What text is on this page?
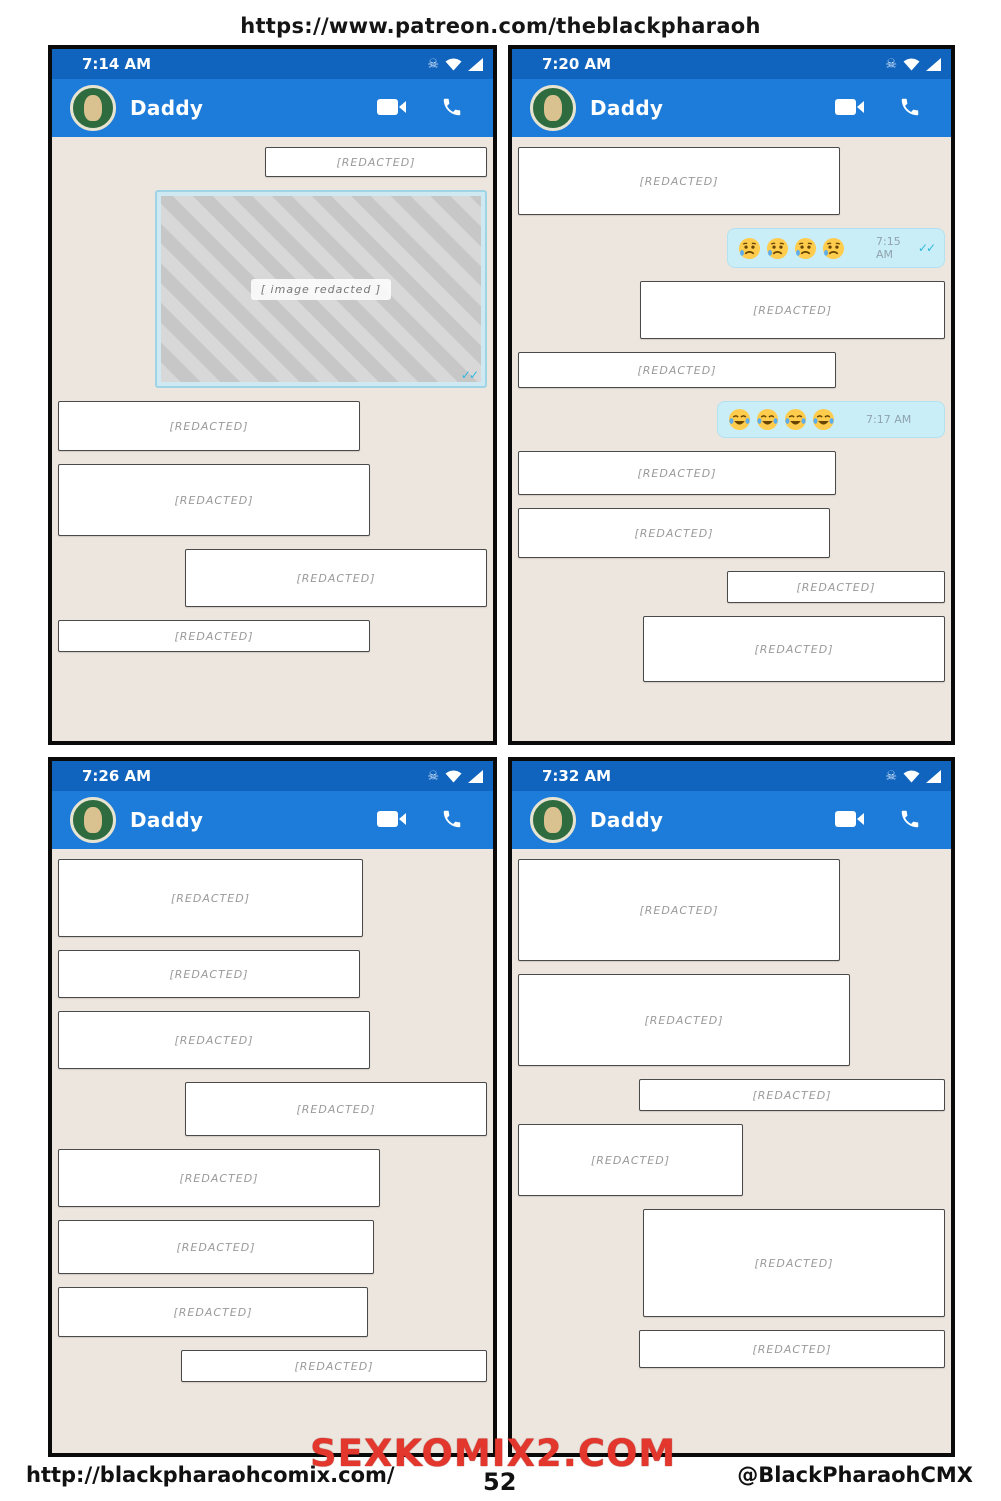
https://www.patreon.com/theblackpharaoh
7:14 AM	☠
Daddy
[REDACTED]
[ image redacted ]
✓✓
[REDACTED]
[REDACTED]
[REDACTED]
[REDACTED]
7:20 AM	☠
Daddy
[REDACTED]
7:15 AM	✓✓
[REDACTED]
[REDACTED]
7:17 AM
[REDACTED]
[REDACTED]
[REDACTED]
[REDACTED]
7:26 AM	☠
Daddy
[REDACTED]
[REDACTED]
[REDACTED]
[REDACTED]
[REDACTED]
[REDACTED]
[REDACTED]
[REDACTED]
7:32 AM	☠
Daddy
[REDACTED]
[REDACTED]
[REDACTED]
[REDACTED]
[REDACTED]
[REDACTED]
SEXKOMIX2.COM
http://blackpharaohcomix.com/	52	@BlackPharaohCMX
